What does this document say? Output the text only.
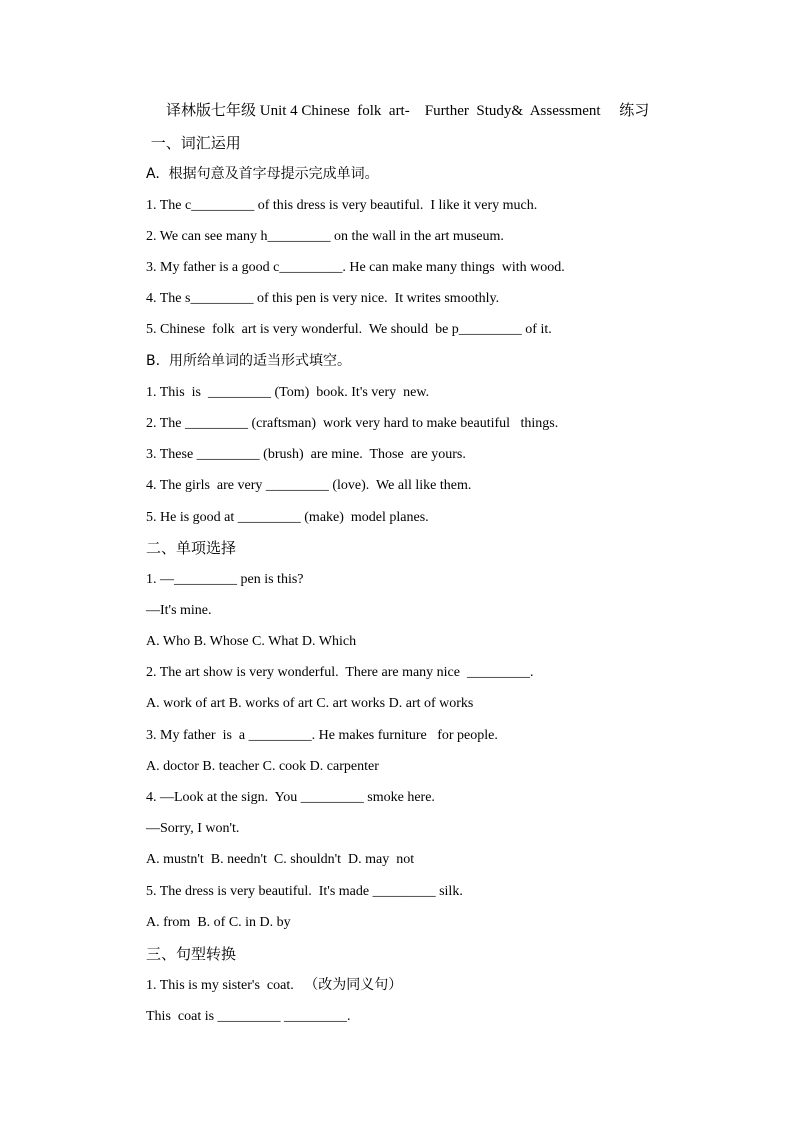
译林版七年级 Unit 4 Chinese  folk  art-    Further  Study&  Assessment     练习
一、词汇运用
A.  根据句意及首字母提示完成单词。
1. The c_________ of this dress is very beautiful.  I like it very much.
2. We can see many h_________ on the wall in the art museum.
3. My father is a good c_________. He can make many things  with wood.
4. The s_________ of this pen is very nice.  It writes smoothly.
5. Chinese  folk  art is very wonderful.  We should  be p_________ of it.
B.  用所给单词的适当形式填空。
1. This  is  _________ (Tom)  book. It's very  new.
2. The _________ (craftsman)  work very hard to make beautiful   things.
3. These _________ (brush)  are mine.  Those  are yours.
4. The girls  are very _________ (love).  We all like them.
5. He is good at _________ (make)  model planes.
二、单项选择
1. —_________ pen is this?
—It's mine.
A. Who B. Whose C. What D. Which
2. The art show is very wonderful.  There are many nice  _________.
A. work of art B. works of art C. art works D. art of works
3. My father  is  a _________. He makes furniture   for people.
A. doctor B. teacher C. cook D. carpenter
4. —Look at the sign.  You _________ smoke here.
—Sorry, I won't.
A. mustn't  B. needn't  C. shouldn't  D. may  not
5. The dress is very beautiful.  It's made _________ silk.
A. from  B. of C. in D. by
三、句型转换
1. This is my sister's  coat.   （改为同义句）
This  coat is _________ _________.
